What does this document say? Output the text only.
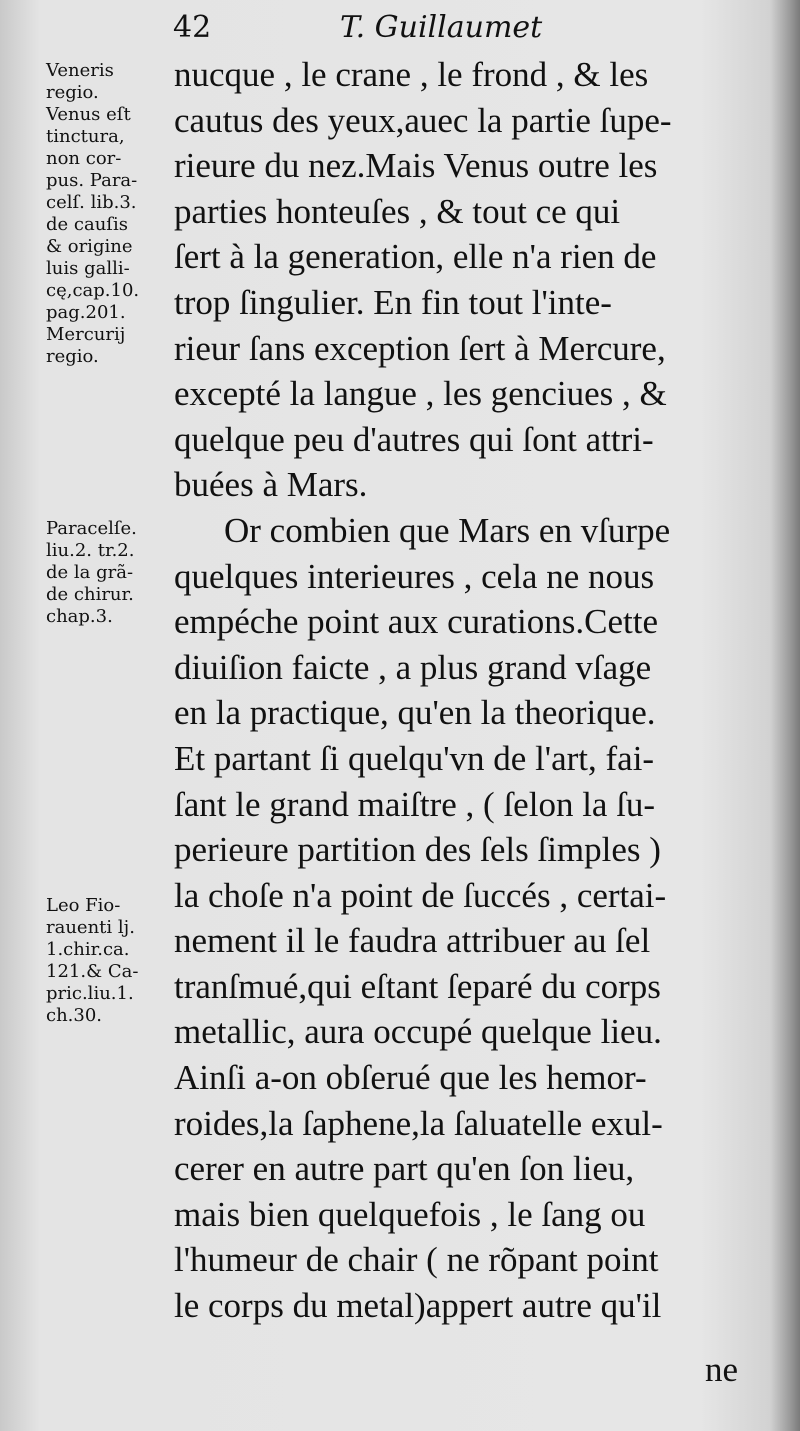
42	T. Guillaumet
Veneris
regio.
Venus eſt
tinctura,
non cor-
pus. Para-
celſ. lib.3.
de cauſis
& origine
luis galli-
cę,cap.10.
pag.201.
Mercurij
regio.
Paracelſe.
liu.2. tr.2.
de la grã-
de chirur.
chap.3.
Leo Fio-
rauenti lj.
1.chir.ca.
121.& Ca-
pric.liu.1.
ch.30.
nucque , le crane , le frond , & les
cautus des yeux,auec la partie ſupe-
rieure du nez.Mais Venus outre les
parties honteuſes , & tout ce qui
ſert à la generation, elle n'a rien de
trop ſingulier. En fin tout l'inte-
rieur ſans exception ſert à Mercure,
excepté la langue , les genciues , &
quelque peu d'autres qui ſont attri-
buées à Mars.
Or combien que Mars en vſurpe
quelques interieures , cela ne nous
empéche point aux curations.Cette
diuiſion faicte , a plus grand vſage
en la practique, qu'en la theorique.
Et partant ſi quelqu'vn de l'art, fai-
ſant le grand maiſtre , ( ſelon la ſu-
perieure partition des ſels ſimples )
la choſe n'a point de ſuccés , certai-
nement il le faudra attribuer au ſel
tranſmué,qui eſtant ſeparé du corps
metallic, aura occupé quelque lieu.
Ainſi a-on obſerué que les hemor-
roides,la ſaphene,la ſaluatelle exul-
cerer en autre part qu'en ſon lieu,
mais bien quelquefois , le ſang ou
l'humeur de chair ( ne rõpant point
le corps du metal)appert autre qu'il
ne
